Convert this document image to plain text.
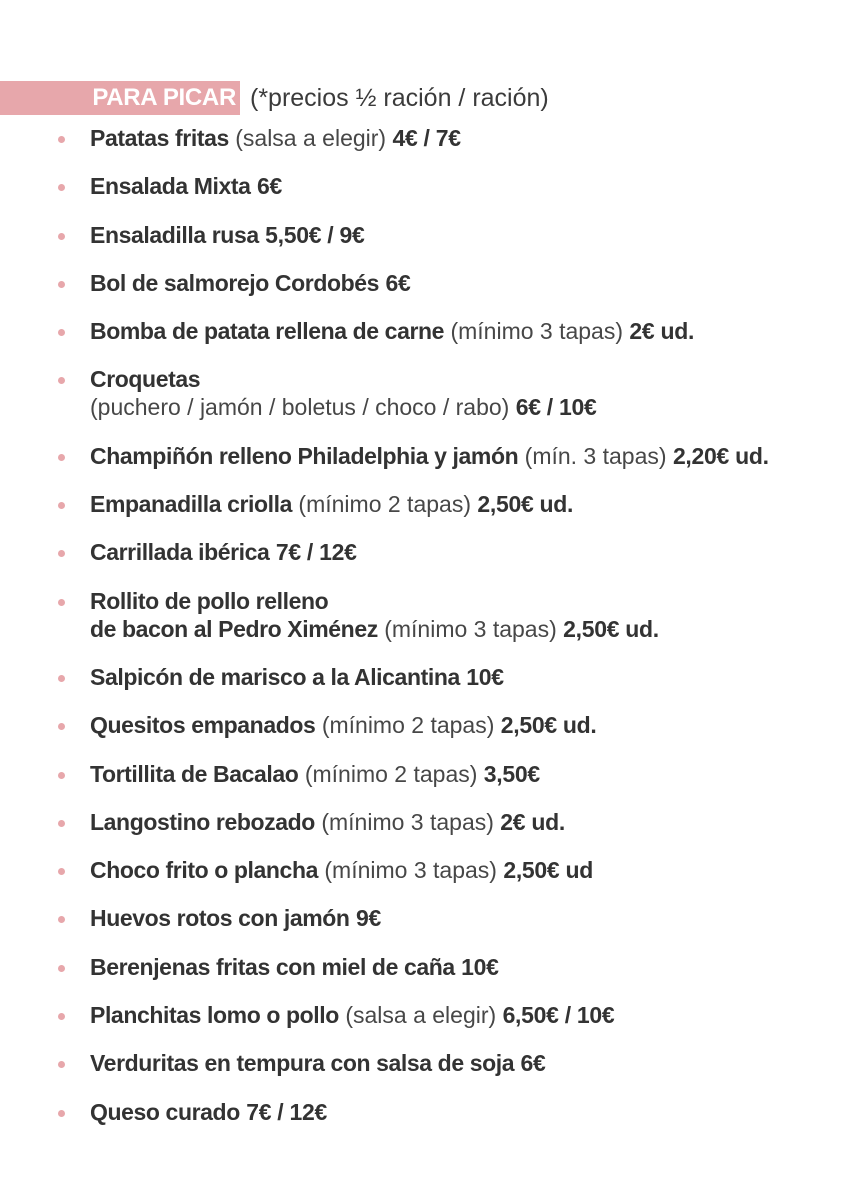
PARA PICAR (*precios ½ ración / ración)
Patatas fritas (salsa a elegir) 4€ / 7€
Ensalada Mixta 6€
Ensaladilla rusa 5,50€ / 9€
Bol de salmorejo Cordobés 6€
Bomba de patata rellena de carne (mínimo 3 tapas) 2€ ud.
Croquetas
(puchero / jamón / boletus / choco / rabo) 6€ / 10€
Champiñón relleno Philadelphia y jamón (mín. 3 tapas) 2,20€ ud.
Empanadilla criolla (mínimo 2 tapas) 2,50€ ud.
Carrillada ibérica 7€ / 12€
Rollito de pollo relleno
de bacon al Pedro Ximénez (mínimo 3 tapas) 2,50€ ud.
Salpicón de marisco a la Alicantina 10€
Quesitos empanados (mínimo 2 tapas) 2,50€ ud.
Tortillita de Bacalao (mínimo 2 tapas) 3,50€
Langostino rebozado (mínimo 3 tapas) 2€ ud.
Choco frito o plancha (mínimo 3 tapas) 2,50€ ud
Huevos rotos con jamón 9€
Berenjenas fritas con miel de caña 10€
Planchitas lomo o pollo (salsa a elegir) 6,50€ / 10€
Verduritas en tempura con salsa de soja 6€
Queso curado 7€ / 12€
